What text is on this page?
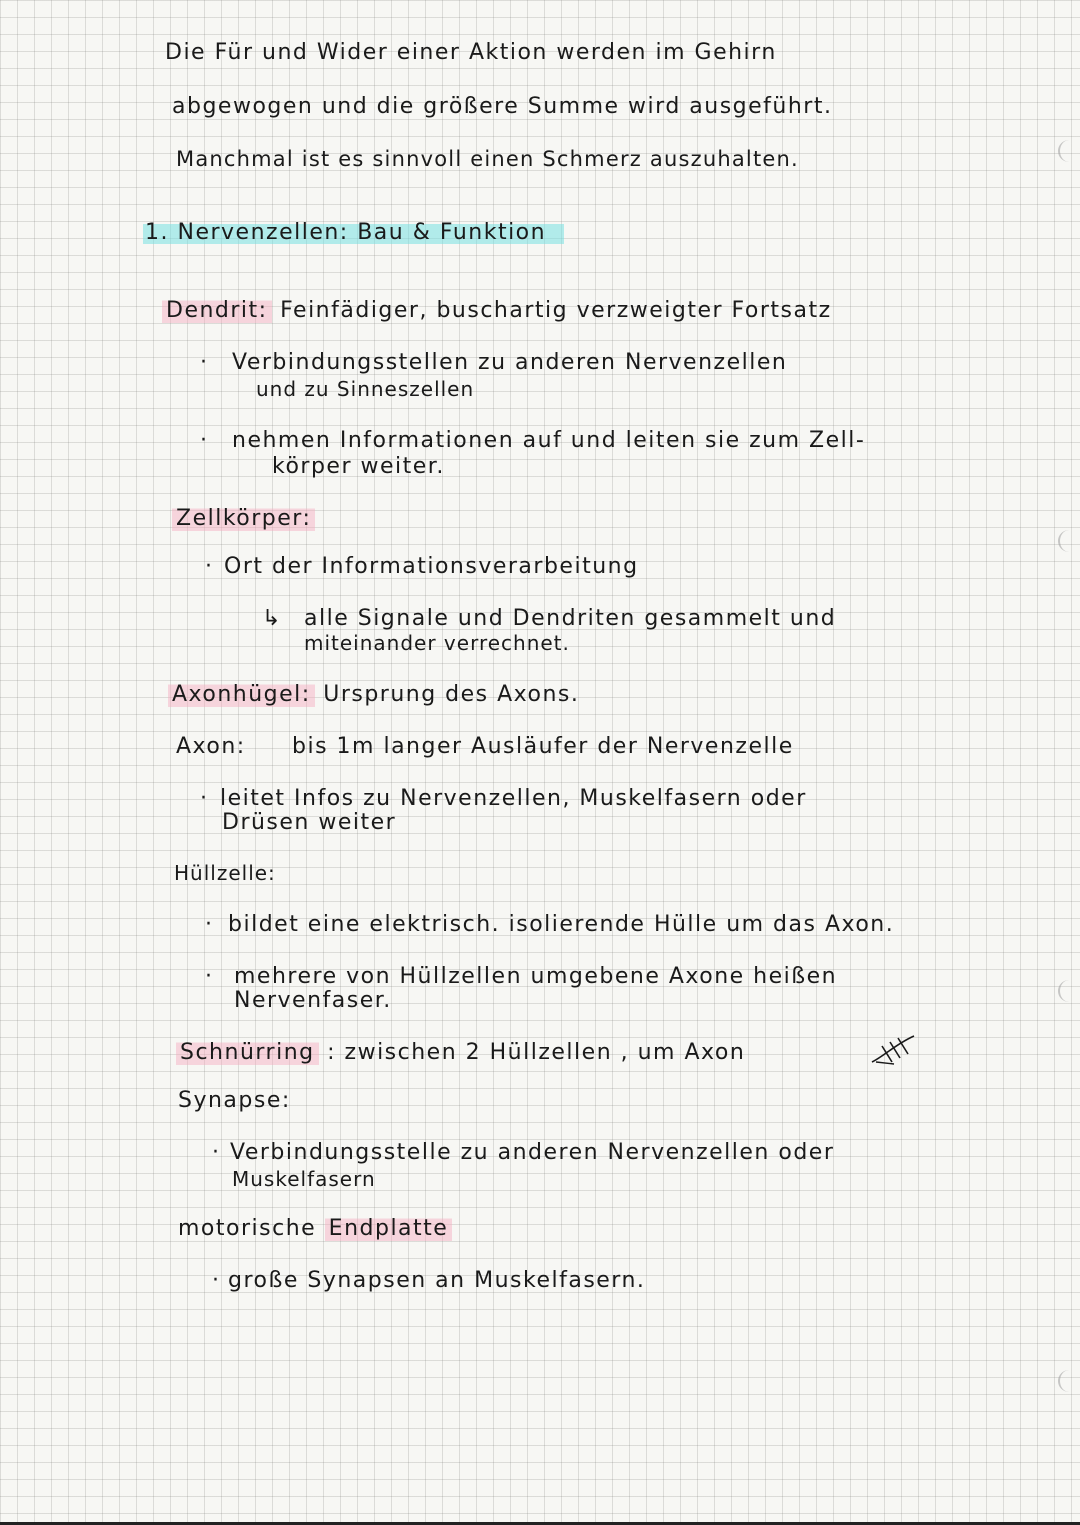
Die Für und Wider einer Aktion werden im Gehirn
abgewogen und die größere Summe wird ausgeführt.
Manchmal ist es sinnvoll einen Schmerz auszuhalten.
1. Nervenzellen: Bau & Funktion
Dendrit: Feinfädiger, buschartig verzweigter Fortsatz
· Verbindungsstellen zu anderen Nervenzellen
und zu Sinneszellen
· nehmen Informationen auf und leiten sie zum Zell-
körper weiter.
Zellkörper:
· Ort der Informationsverarbeitung
↳ alle Signale und Dendriten gesammelt und
miteinander verrechnet.
Axonhügel: Ursprung des Axons.
Axon: bis 1m langer Ausläufer der Nervenzelle
· leitet Infos zu Nervenzellen, Muskelfasern oder
Drüsen weiter
Hüllzelle:
· bildet eine elektrisch. isolierende Hülle um das Axon.
· mehrere von Hüllzellen umgebene Axone heißen
Nervenfaser.
Schnürring : zwischen 2 Hüllzellen , um Axon
Synapse:
· Verbindungsstelle zu anderen Nervenzellen oder
Muskelfasern
motorische Endplatte
· große Synapsen an Muskelfasern.
